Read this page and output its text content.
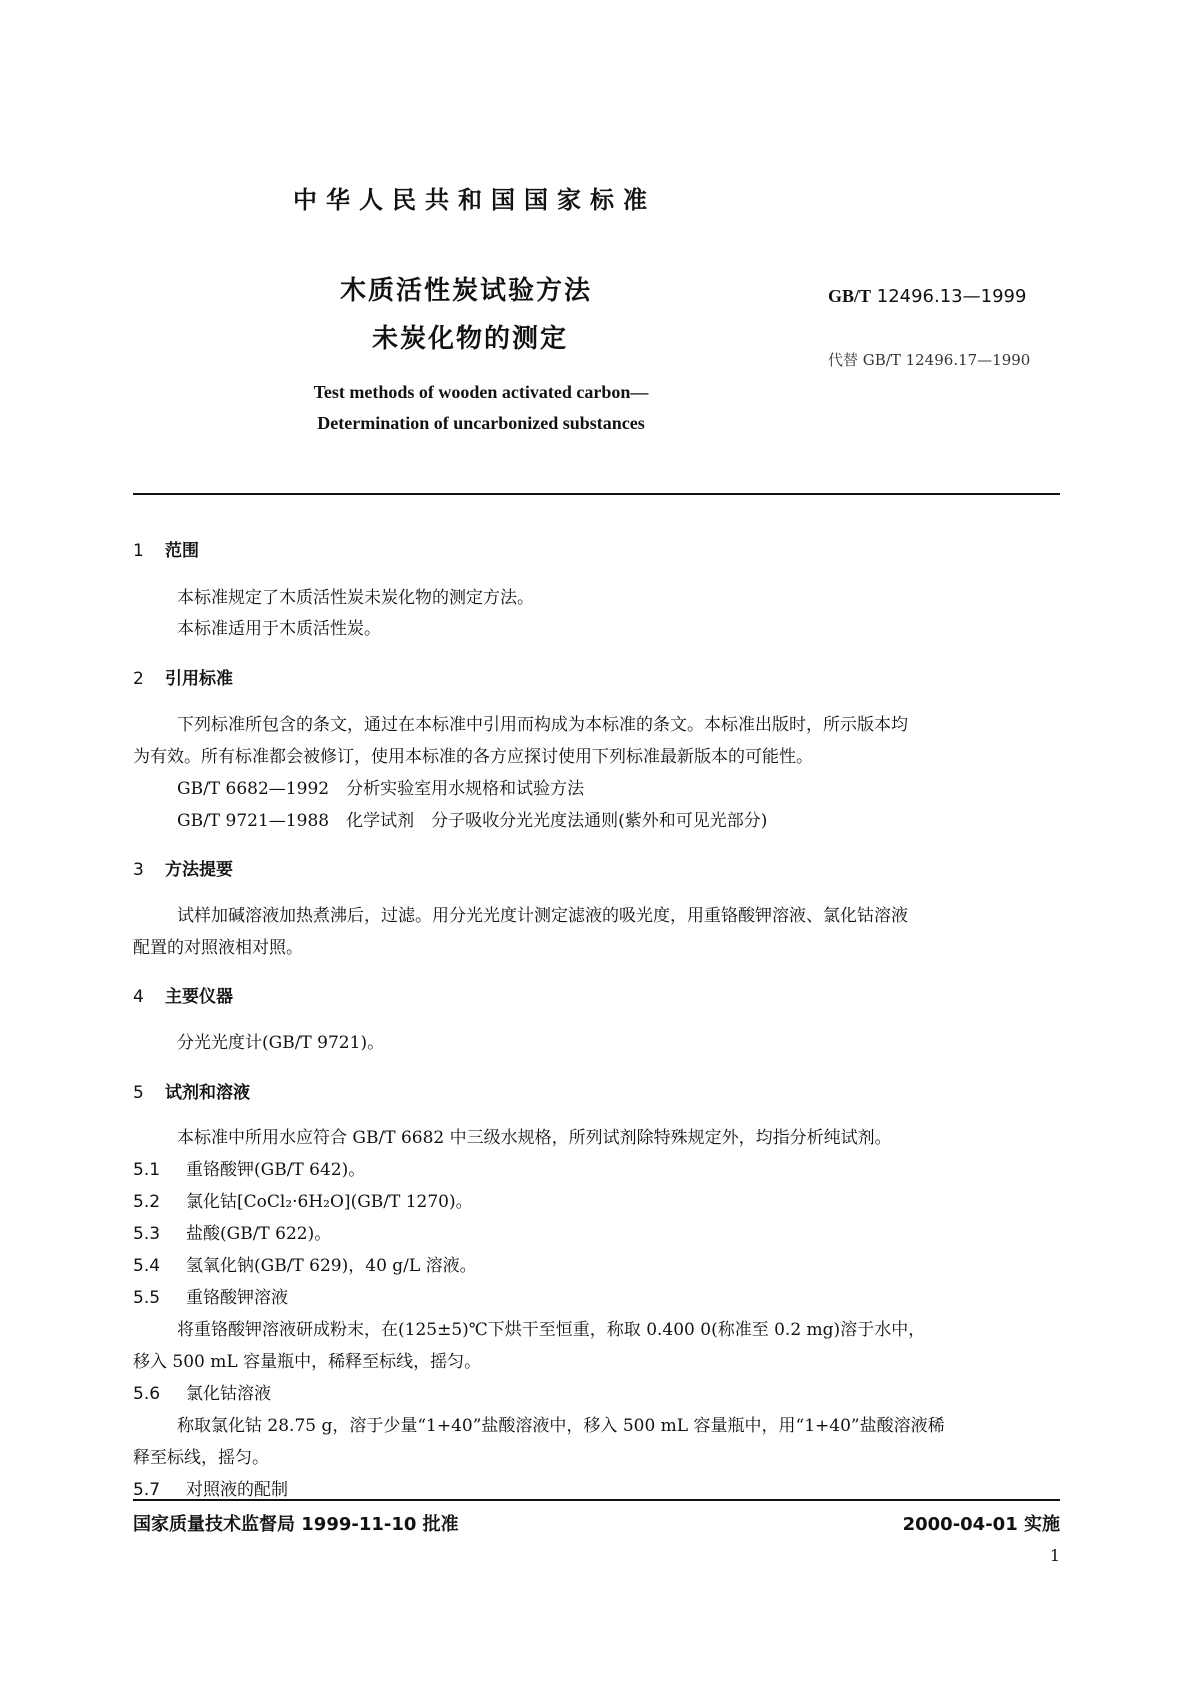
中华人民共和国国家标准
木质活性炭试验方法
未炭化物的测定
Test methods of wooden activated carbon—
Determination of uncarbonized substances
GB/T 12496.13—1999
代替 GB/T 12496.17—1990
1 范围
本标准规定了木质活性炭未炭化物的测定方法。
本标准适用于木质活性炭。
2 引用标准
下列标准所包含的条文，通过在本标准中引用而构成为本标准的条文。本标准出版时，所示版本均
为有效。所有标准都会被修订，使用本标准的各方应探讨使用下列标准最新版本的可能性。
GB/T 6682—1992　分析实验室用水规格和试验方法
GB/T 9721—1988　化学试剂　分子吸收分光光度法通则(紫外和可见光部分)
3 方法提要
试样加碱溶液加热煮沸后，过滤。用分光光度计测定滤液的吸光度，用重铬酸钾溶液、氯化钴溶液
配置的对照液相对照。
4 主要仪器
分光光度计(GB/T 9721)。
5 试剂和溶液
本标准中所用水应符合 GB/T 6682 中三级水规格，所列试剂除特殊规定外，均指分析纯试剂。
5.1 重铬酸钾(GB/T 642)。
5.2 氯化钴[CoCl₂·6H₂O](GB/T 1270)。
5.3 盐酸(GB/T 622)。
5.4 氢氧化钠(GB/T 629)，40 g/L 溶液。
5.5 重铬酸钾溶液
将重铬酸钾溶液研成粉末，在(125±5)℃下烘干至恒重，称取 0.400 0(称准至 0.2 mg)溶于水中，
移入 500 mL 容量瓶中，稀释至标线，摇匀。
5.6 氯化钴溶液
称取氯化钴 28.75 g，溶于少量“1+40”盐酸溶液中，移入 500 mL 容量瓶中，用“1+40”盐酸溶液稀
释至标线，摇匀。
5.7 对照液的配制
国家质量技术监督局 1999-11-10 批准	2000-04-01 实施
1
